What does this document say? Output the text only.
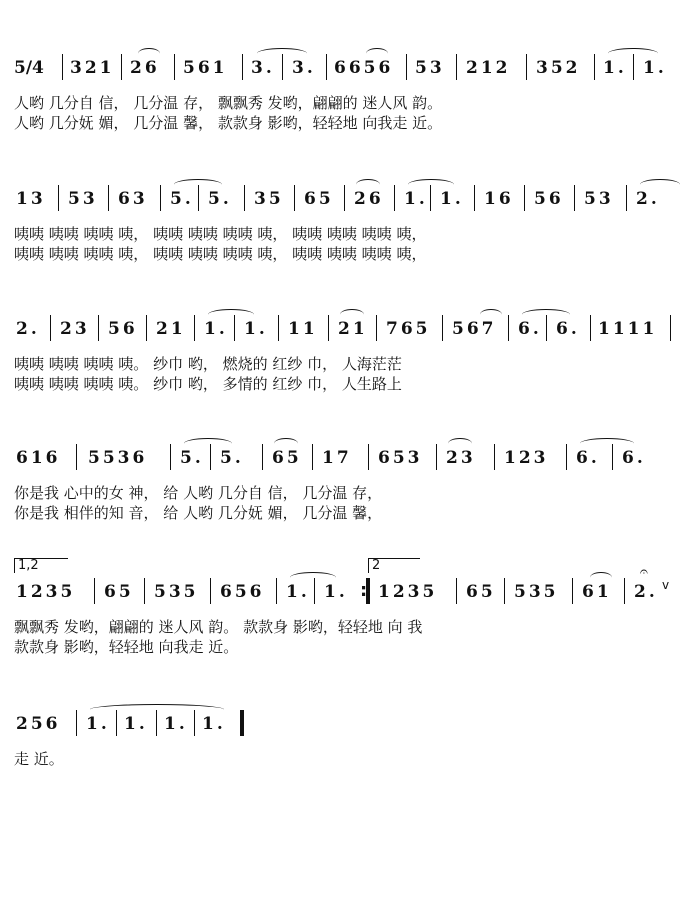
5/4 321 26 561 3. 3. 6656 53 212 352 1. 1.
人哟 几分自 信， 几分温 存， 飘飘秀 发哟，翩翩的 迷人风 韵。
人哟 几分妩 媚， 几分温 馨， 款款身 影哟，轻轻地 向我走 近。
13 53 63 5. 5. 35 65 26 1. 1. 16 56 53 2.
咦咦 咦咦 咦咦 咦， 咦咦 咦咦 咦咦 咦， 咦咦 咦咦 咦咦 咦，
咦咦 咦咦 咦咦 咦， 咦咦 咦咦 咦咦 咦， 咦咦 咦咦 咦咦 咦，
2. 23 56 21 1. 1. 11 21 765 567 6. 6. 1111
咦咦 咦咦 咦咦 咦。 纱巾 哟， 燃烧的 红纱 巾， 人海茫茫
咦咦 咦咦 咦咦 咦。 纱巾 哟， 多情的 红纱 巾， 人生路上
616 5536 5. 5. 65 17 653 23 123 6. 6.
你是我 心中的女 神， 给 人哟 几分自 信， 几分温 存，
你是我 相伴的知 音， 给 人哟 几分妩 媚， 几分温 馨，
1,2	2
1235 65 535 656 1. 1.
: 1235 65 535 61 2.
𝄐
v
飘飘秀 发哟，翩翩的 迷人风 韵。 款款身 影哟，轻轻地 向 我
款款身 影哟，轻轻地 向我走 近。
256 1. 1. 1. 1.
走 近。
